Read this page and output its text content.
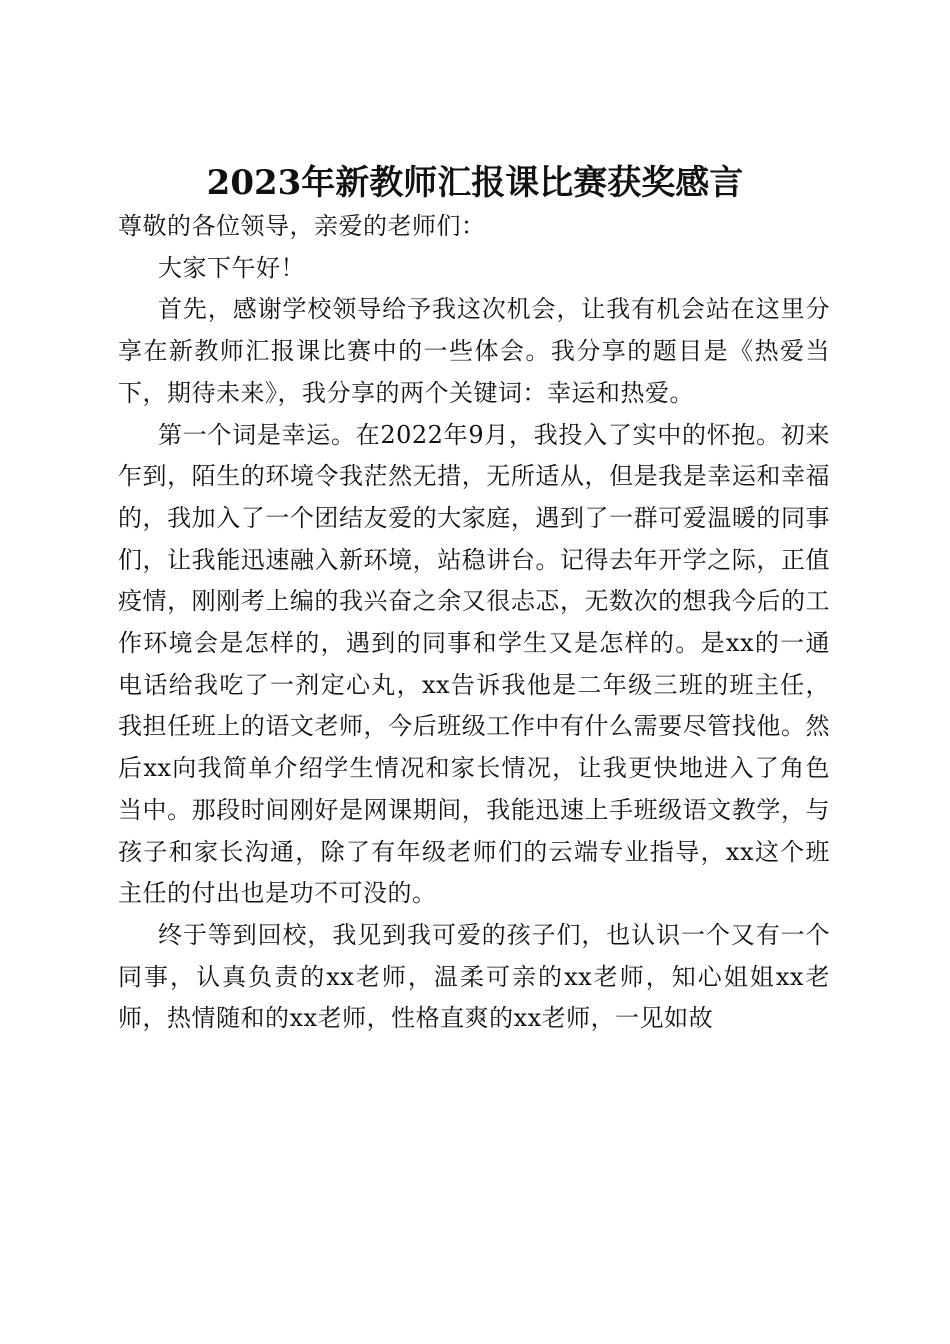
2023年新教师汇报课比赛获奖感言

尊敬的各位领导，亲爱的老师们：

大家下午好！

首先，感谢学校领导给予我这次机会，让我有机会站在这里分享在新教师汇报课比赛中的一些体会。我分享的题目是《热爱当下，期待未来》，我分享的两个关键词：幸运和热爱。

第一个词是幸运。在2022年9月，我投入了实中的怀抱。初来乍到，陌生的环境令我茫然无措，无所适从，但是我是幸运和幸福的，我加入了一个团结友爱的大家庭，遇到了一群可爱温暖的同事们，让我能迅速融入新环境，站稳讲台。记得去年开学之际，正值疫情，刚刚考上编的我兴奋之余又很忐忑，无数次的想我今后的工作环境会是怎样的，遇到的同事和学生又是怎样的。是xx的一通电话给我吃了一剂定心丸，xx告诉我他是二年级三班的班主任，我担任班上的语文老师，今后班级工作中有什么需要尽管找他。然后xx向我简单介绍学生情况和家长情况，让我更快地进入了角色当中。那段时间刚好是网课期间，我能迅速上手班级语文教学，与孩子和家长沟通，除了有年级老师们的云端专业指导，xx这个班主任的付出也是功不可没的。

终于等到回校，我见到我可爱的孩子们，也认识一个又有一个同事，认真负责的xx老师，温柔可亲的xx老师，知心姐姐xx老师，热情随和的xx老师，性格直爽的xx老师，一见如故
